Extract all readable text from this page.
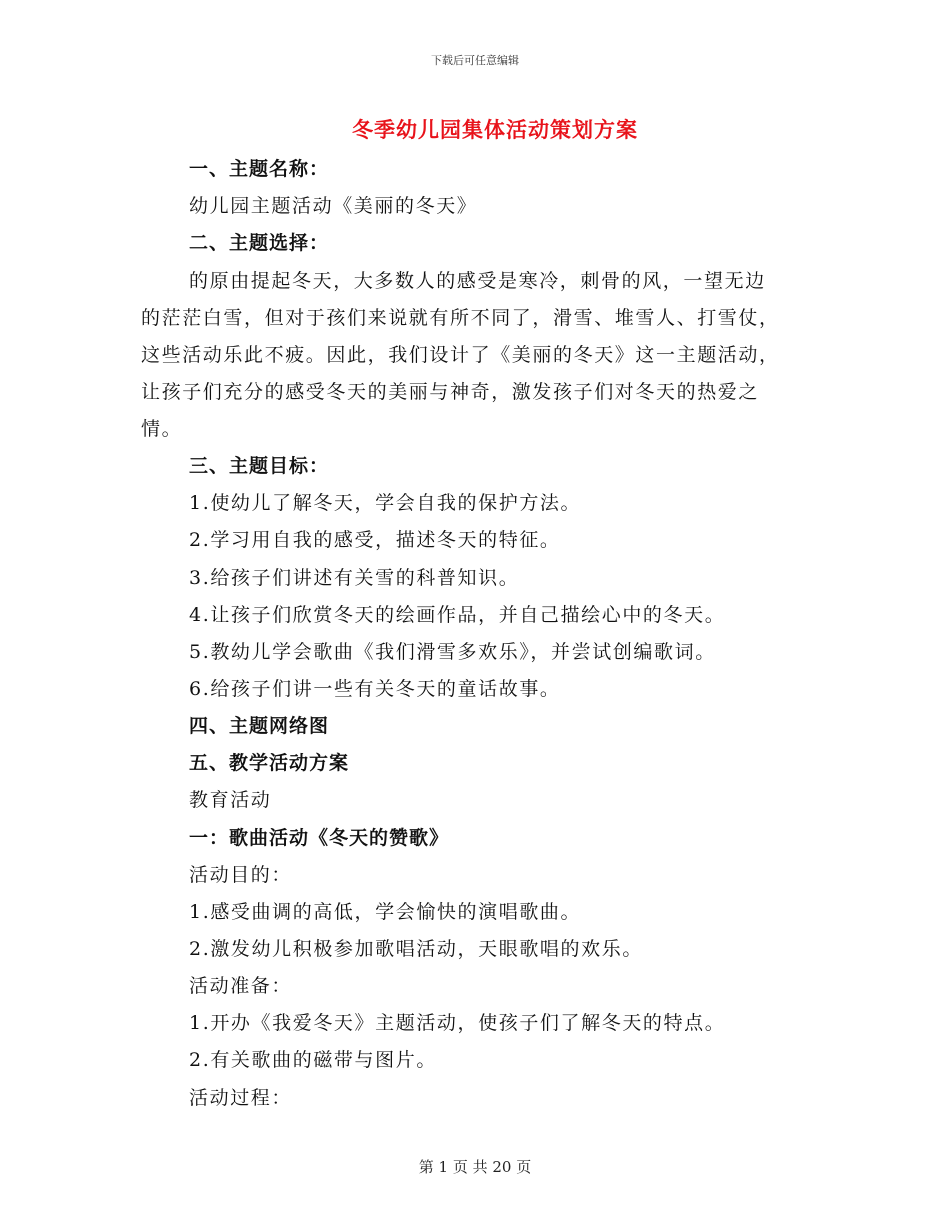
下载后可任意编辑
冬季幼儿园集体活动策划方案
一、主题名称：
幼儿园主题活动《美丽的冬天》
二、主题选择：
的原由提起冬天，大多数人的感受是寒冷，刺骨的风，一望无边
的茫茫白雪，但对于孩们来说就有所不同了，滑雪、堆雪人、打雪仗，
这些活动乐此不疲。因此，我们设计了《美丽的冬天》这一主题活动，
让孩子们充分的感受冬天的美丽与神奇，激发孩子们对冬天的热爱之
情。
三、主题目标：
1.使幼儿了解冬天，学会自我的保护方法。
2.学习用自我的感受，描述冬天的特征。
3.给孩子们讲述有关雪的科普知识。
4.让孩子们欣赏冬天的绘画作品，并自己描绘心中的冬天。
5.教幼儿学会歌曲《我们滑雪多欢乐》，并尝试创编歌词。
6.给孩子们讲一些有关冬天的童话故事。
四、主题网络图
五、教学活动方案
教育活动
一：歌曲活动《冬天的赞歌》
活动目的：
1.感受曲调的高低，学会愉快的演唱歌曲。
2.激发幼儿积极参加歌唱活动，天眼歌唱的欢乐。
活动准备：
1.开办《我爱冬天》主题活动，使孩子们了解冬天的特点。
2.有关歌曲的磁带与图片。
活动过程：
第 1 页 共 20 页
